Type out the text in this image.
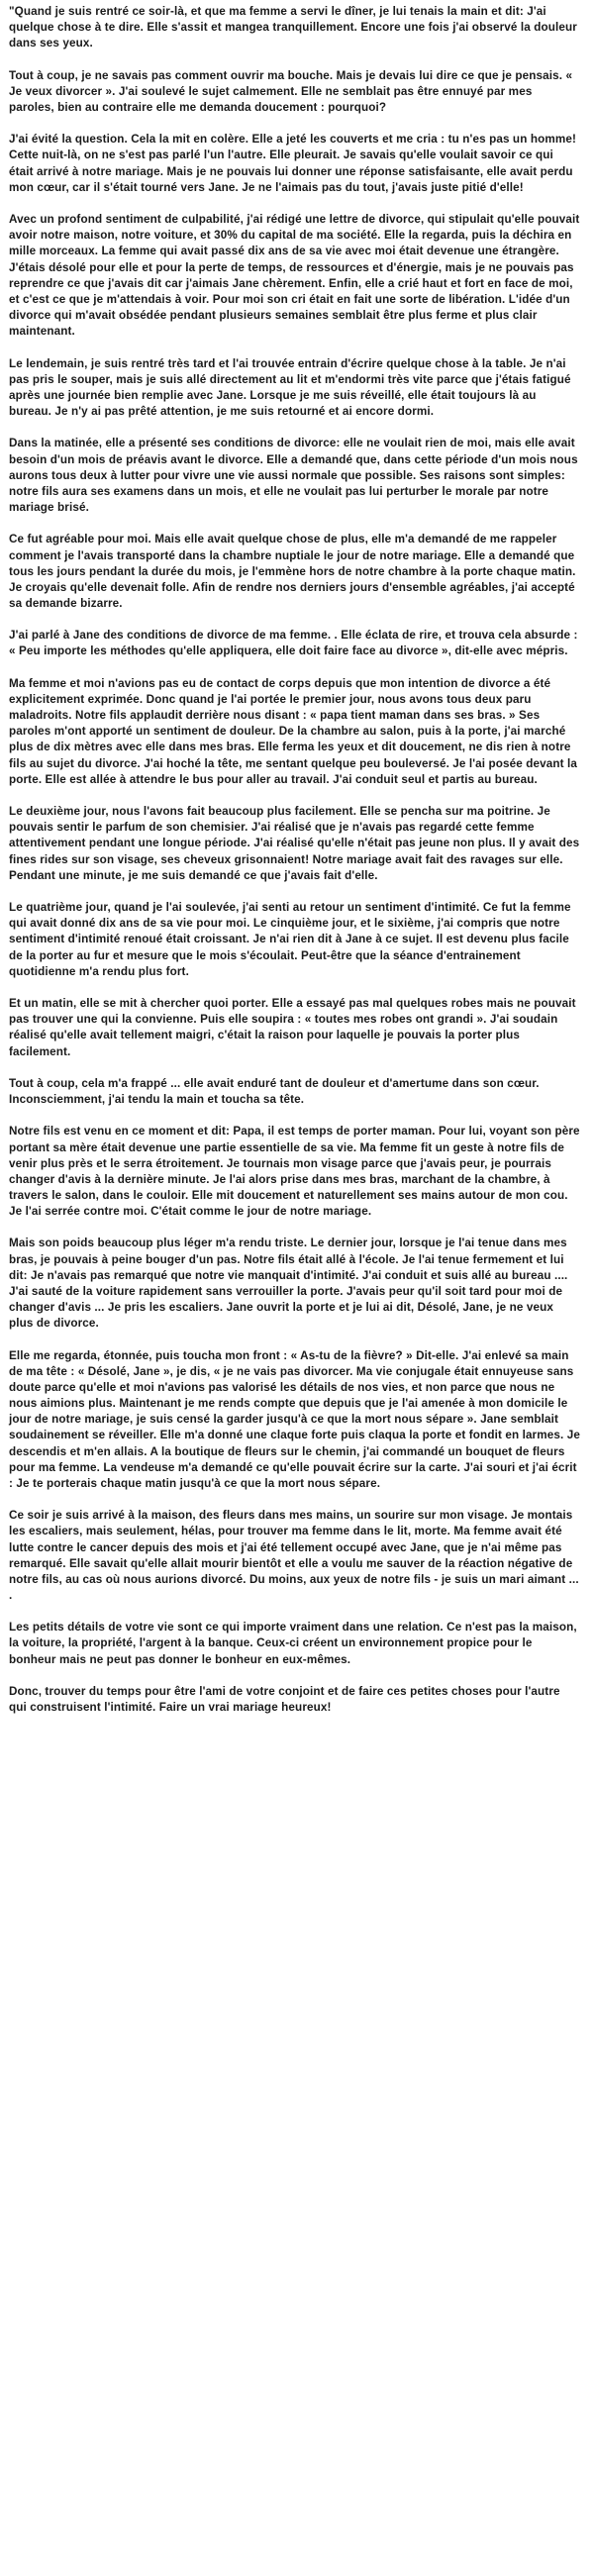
"Quand je suis rentré ce soir-là, et que ma femme a servi le dîner, je lui tenais la main et dit: J'ai quelque chose à te dire. Elle s'assit et mangea tranquillement. Encore une fois j'ai observé la douleur dans ses yeux.

Tout à coup, je ne savais pas comment ouvrir ma bouche. Mais je devais lui dire ce que je pensais. « Je veux divorcer ». J'ai soulevé le sujet calmement. Elle ne semblait pas être ennuyé par mes paroles, bien au contraire elle me demanda doucement : pourquoi?

J'ai évité la question. Cela la mit en colère. Elle a jeté les couverts et me cria : tu n'es pas un homme! Cette nuit-là, on ne s'est pas parlé l'un l'autre. Elle pleurait. Je savais qu'elle voulait savoir ce qui était arrivé à notre mariage. Mais je ne pouvais lui donner une réponse satisfaisante, elle avait perdu mon cœur, car il s'était tourné vers Jane. Je ne l'aimais pas du tout, j'avais juste pitié d'elle!

Avec un profond sentiment de culpabilité, j'ai rédigé une lettre de divorce, qui stipulait qu'elle pouvait avoir notre maison, notre voiture, et 30% du capital de ma société. Elle la regarda, puis la déchira en mille morceaux. La femme qui avait passé dix ans de sa vie avec moi était devenue une étrangère. J'étais désolé pour elle et pour la perte de temps, de ressources et d'énergie, mais je ne pouvais pas reprendre ce que j'avais dit car j'aimais Jane chèrement. Enfin, elle a crié haut et fort en face de moi, et c'est ce que je m'attendais à voir. Pour moi son cri était en fait une sorte de libération. L'idée d'un divorce qui m'avait obsédée pendant plusieurs semaines semblait être plus ferme et plus clair maintenant.

Le lendemain, je suis rentré très tard et l'ai trouvée entrain d'écrire quelque chose à la table. Je n'ai pas pris le souper, mais je suis allé directement au lit et m'endormi très vite parce que j'étais fatigué après une journée bien remplie avec Jane. Lorsque je me suis réveillé, elle était toujours là au bureau. Je n'y ai pas prêté attention, je me suis retourné et ai encore dormi.

Dans la matinée, elle a présenté ses conditions de divorce: elle ne voulait rien de moi, mais elle avait besoin d'un mois de préavis avant le divorce. Elle a demandé que, dans cette période d'un mois nous aurons tous deux à lutter pour vivre une vie aussi normale que possible. Ses raisons sont simples: notre fils aura ses examens dans un mois, et elle ne voulait pas lui perturber le morale par notre mariage brisé.

Ce fut agréable pour moi. Mais elle avait quelque chose de plus, elle m'a demandé de me rappeler comment je l'avais transporté dans la chambre nuptiale le jour de notre mariage. Elle a demandé que tous les jours pendant la durée du mois, je l'emmène hors de notre chambre à la porte chaque matin. Je croyais qu'elle devenait folle. Afin de rendre nos derniers jours d'ensemble agréables, j'ai accepté sa demande bizarre.

J'ai parlé à Jane des conditions de divorce de ma femme. . Elle éclata de rire, et trouva cela absurde : « Peu importe les méthodes qu'elle appliquera, elle doit faire face au divorce », dit-elle avec mépris.

Ma femme et moi n'avions pas eu de contact de corps depuis que mon intention de divorce a été explicitement exprimée. Donc quand je l'ai portée le premier jour, nous avons tous deux paru maladroits. Notre fils applaudit derrière nous disant : « papa tient maman dans ses bras. » Ses paroles m'ont apporté un sentiment de douleur. De la chambre au salon, puis à la porte, j'ai marché plus de dix mètres avec elle dans mes bras. Elle ferma les yeux et dit doucement, ne dis rien à notre fils au sujet du divorce. J'ai hoché la tête, me sentant quelque peu bouleversé. Je l'ai posée devant la porte. Elle est allée à attendre le bus pour aller au travail. J'ai conduit seul et partis au bureau.

Le deuxième jour, nous l'avons fait beaucoup plus facilement. Elle se pencha sur ma poitrine. Je pouvais sentir le parfum de son chemisier. J'ai réalisé que je n'avais pas regardé cette femme attentivement pendant une longue période. J'ai réalisé qu'elle n'était pas jeune non plus. Il y avait des fines rides sur son visage, ses cheveux grisonnaient! Notre mariage avait fait des ravages sur elle. Pendant une minute, je me suis demandé ce que j'avais fait d'elle.

Le quatrième jour, quand je l'ai soulevée, j'ai senti au retour un sentiment d'intimité. Ce fut la femme qui avait donné dix ans de sa vie pour moi. Le cinquième jour, et le sixième, j'ai compris que notre sentiment d'intimité renoué était croissant. Je n'ai rien dit à Jane à ce sujet. Il est devenu plus facile de la porter au fur et mesure que le mois s'écoulait. Peut-être que la séance d'entrainement quotidienne m'a rendu plus fort.

Et un matin, elle se mit à chercher quoi porter. Elle a essayé pas mal quelques robes mais ne pouvait pas trouver une qui la convienne. Puis elle soupira : « toutes mes robes ont grandi ». J'ai soudain réalisé qu'elle avait tellement maigri, c'était la raison pour laquelle je pouvais la porter plus facilement.

Tout à coup, cela m'a frappé ... elle avait enduré tant de douleur et d'amertume dans son cœur. Inconsciemment, j'ai tendu la main et toucha sa tête.

Notre fils est venu en ce moment et dit: Papa, il est temps de porter maman. Pour lui, voyant son père portant sa mère était devenue une partie essentielle de sa vie. Ma femme fit un geste à notre fils de venir plus près et le serra étroitement. Je tournais mon visage parce que j'avais peur, je pourrais changer d'avis à la dernière minute. Je l'ai alors prise dans mes bras, marchant de la chambre, à travers le salon, dans le couloir. Elle mit doucement et naturellement ses mains autour de mon cou. Je l'ai serrée contre moi. C'était comme le jour de notre mariage.

Mais son poids beaucoup plus léger m'a rendu triste. Le dernier jour, lorsque je l'ai tenue dans mes bras, je pouvais à peine bouger d'un pas. Notre fils était allé à l'école. Je l'ai tenue fermement et lui dit: Je n'avais pas remarqué que notre vie manquait d'intimité. J'ai conduit et suis allé au bureau .... J'ai sauté de la voiture rapidement sans verrouiller la porte. J'avais peur qu'il soit tard pour moi de changer d'avis ... Je pris les escaliers. Jane ouvrit la porte et je lui ai dit, Désolé, Jane, je ne veux plus de divorce.

Elle me regarda, étonnée, puis toucha mon front : « As-tu de la fièvre? » Dit-elle. J'ai enlevé sa main de ma tête : « Désolé, Jane », je dis, « je ne vais pas divorcer. Ma vie conjugale était ennuyeuse sans doute parce qu'elle et moi n'avions pas valorisé les détails de nos vies, et non parce que nous ne nous aimions plus. Maintenant je me rends compte que depuis que je l'ai amenée à mon domicile le jour de notre mariage, je suis censé la garder jusqu'à ce que la mort nous sépare ». Jane semblait soudainement se réveiller. Elle m'a donné une claque forte puis claqua la porte et fondit en larmes. Je descendis et m'en allais. A la boutique de fleurs sur le chemin, j'ai commandé un bouquet de fleurs pour ma femme. La vendeuse m'a demandé ce qu'elle pouvait écrire sur la carte. J'ai souri et j'ai écrit : Je te porterais chaque matin jusqu'à ce que la mort nous sépare.

Ce soir je suis arrivé à la maison, des fleurs dans mes mains, un sourire sur mon visage. Je montais les escaliers, mais seulement, hélas, pour trouver ma femme dans le lit, morte. Ma femme avait été lutte contre le cancer depuis des mois et j'ai été tellement occupé avec Jane, que je n'ai même pas remarqué. Elle savait qu'elle allait mourir bientôt et elle a voulu me sauver de la réaction négative de notre fils, au cas où nous aurions divorcé. Du moins, aux yeux de notre fils - je suis un mari aimant ... .

Les petits détails de votre vie sont ce qui importe vraiment dans une relation. Ce n'est pas la maison, la voiture, la propriété, l'argent à la banque. Ceux-ci créent un environnement propice pour le bonheur mais ne peut pas donner le bonheur en eux-mêmes.

Donc, trouver du temps pour être l'ami de votre conjoint et de faire ces petites choses pour l'autre qui construisent l'intimité. Faire un vrai mariage heureux!
